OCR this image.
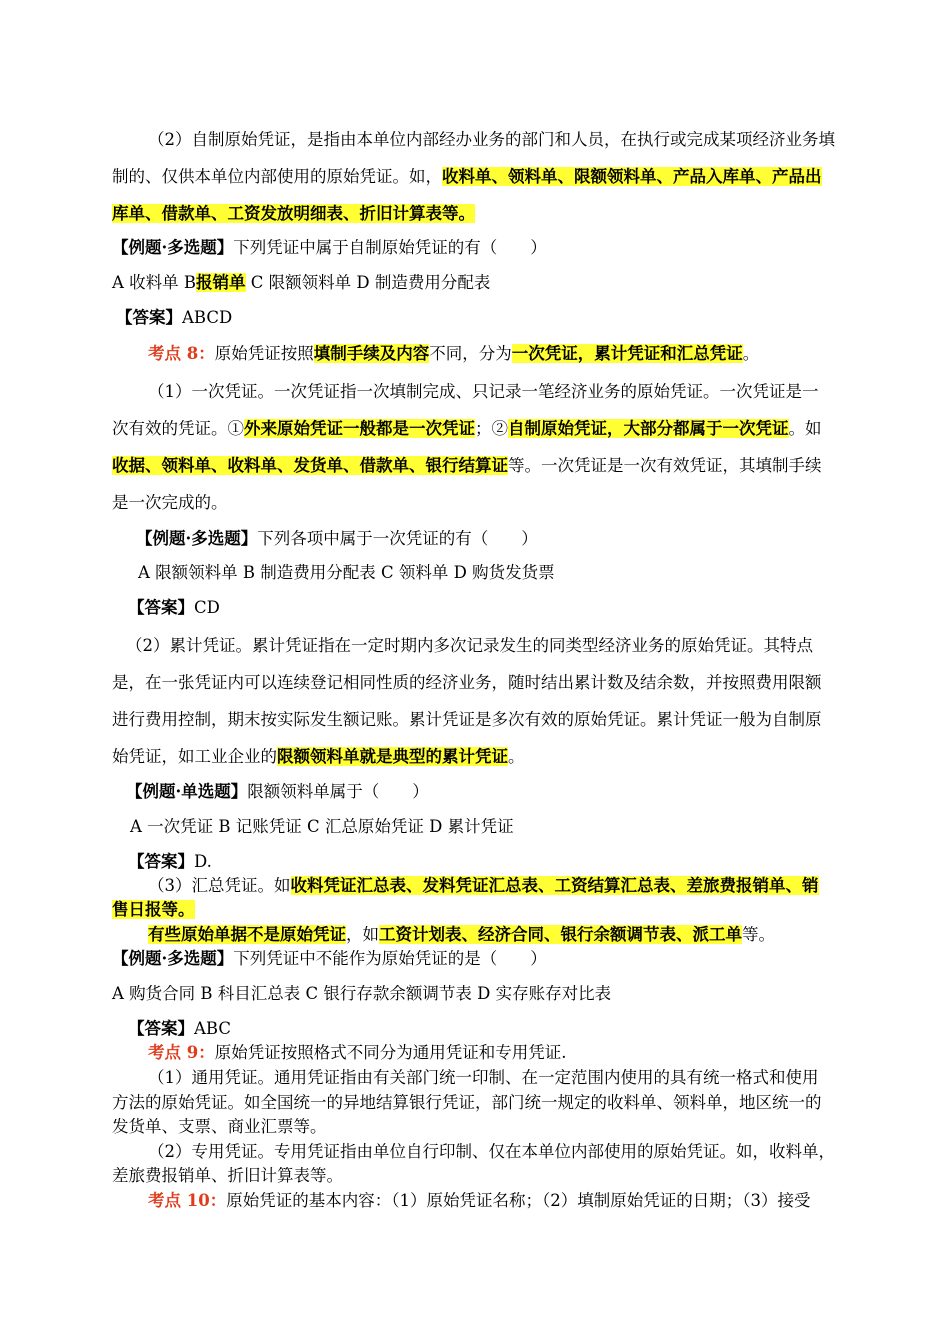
（2）自制原始凭证，是指由本单位内部经办业务的部门和人员，在执行或完成某项经济业务填
制的、仅供本单位内部使用的原始凭证。如，收料单、领料单、限额领料单、产品入库单、产品出
库单、借款单、工资发放明细表、折旧计算表等。
【例题·多选题】下列凭证中属于自制原始凭证的有（　　）
A 收料单 B报销单 C 限额领料单 D 制造费用分配表
【答案】ABCD
考点 8：原始凭证按照填制手续及内容不同，分为一次凭证，累计凭证和汇总凭证。
（1）一次凭证。一次凭证指一次填制完成、只记录一笔经济业务的原始凭证。一次凭证是一
次有效的凭证。①外来原始凭证一般都是一次凭证；②自制原始凭证，大部分都属于一次凭证。如
收据、领料单、收料单、发货单、借款单、银行结算证等。一次凭证是一次有效凭证，其填制手续
是一次完成的。
【例题·多选题】下列各项中属于一次凭证的有（　　）
A 限额领料单 B 制造费用分配表 C 领料单 D 购货发货票
【答案】CD
（2）累计凭证。累计凭证指在一定时期内多次记录发生的同类型经济业务的原始凭证。其特点
是，在一张凭证内可以连续登记相同性质的经济业务，随时结出累计数及结余数，并按照费用限额
进行费用控制，期末按实际发生额记账。累计凭证是多次有效的原始凭证。累计凭证一般为自制原
始凭证，如工业企业的限额领料单就是典型的累计凭证。
【例题·单选题】限额领料单属于（　　）
A 一次凭证 B 记账凭证 C 汇总原始凭证 D 累计凭证
【答案】D.
（3）汇总凭证。如收料凭证汇总表、发料凭证汇总表、工资结算汇总表、差旅费报销单、销
售日报等。
有些原始单据不是原始凭证，如工资计划表、经济合同、银行余额调节表、派工单等。
【例题·多选题】下列凭证中不能作为原始凭证的是（　　）
A 购货合同 B 科目汇总表 C 银行存款余额调节表 D 实存账存对比表
【答案】ABC
考点 9：原始凭证按照格式不同分为通用凭证和专用凭证.
（1）通用凭证。通用凭证指由有关部门统一印制、在一定范围内使用的具有统一格式和使用
方法的原始凭证。如全国统一的异地结算银行凭证，部门统一规定的收料单、领料单，地区统一的
发货单、支票、商业汇票等。
（2）专用凭证。专用凭证指由单位自行印制、仅在本单位内部使用的原始凭证。如，收料单，
差旅费报销单、折旧计算表等。
考点 10：原始凭证的基本内容：（1）原始凭证名称；（2）填制原始凭证的日期；（3）接受
